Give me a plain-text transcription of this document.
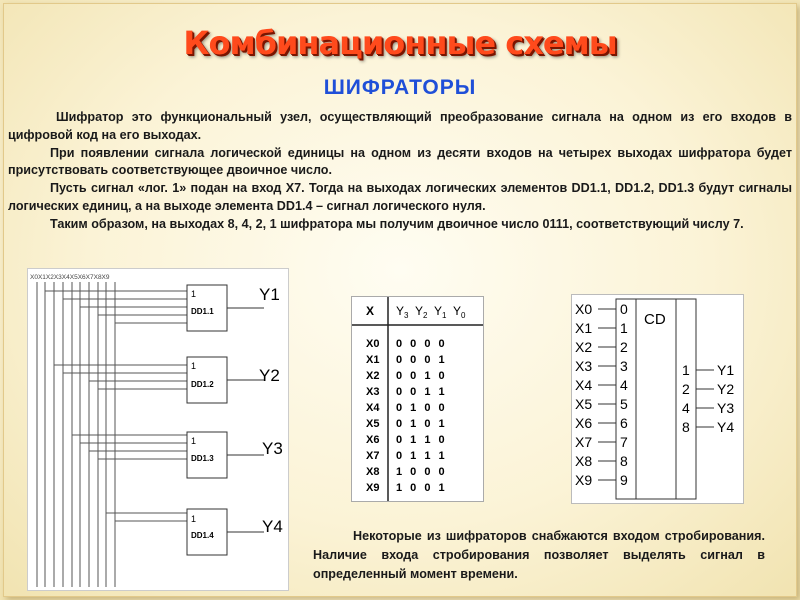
Комбинационные схемы
ШИФРАТОРЫ

Шифратор это функциональный узел, осуществляющий преобразование сигнала на одном из его входов в цифровой код на его выходах.

При появлении сигнала логической единицы на одном из десяти входов на четырех выходах шифратора будет присутствовать соответствующее двоичное число.

Пусть сигнал «лог. 1» подан на вход Х7. Тогда на выходах логических элементов DD1.1, DD1.2, DD1.3 будут сигналы логических единиц, а на выходе элемента DD1.4 – сигнал логического нуля.

Таким образом, на выходах 8, 4, 2, 1 шифратора мы получим двоичное число 0111, соответствующий числу 7.

X0X1X2X3X4X5X6X7X8X9
1
DD1.1
Y1
1
DD1.2	Y2
1
DD1.3
Y3
1
DD1.4	Y4
X Y 3 Y 2 Y 1 Y 0
X0 0 0 0 0
X1 0 0 0 1
X2 0 0 1 0
X3 0 0 1 1
X4 0 1 0 0
X5 0 1 0 1
X6 0 1 1 0
X7 0 1 1 1
X8 1 0 0 0
X9 1 0 0 1
CD
X0
X1
X2
X3
X4
X5
X6
X7
X8
X9
0
1
2
3
4
5
6
7
8
9
1
2
4
8
Y1
Y2
Y3
Y4
Некоторые из шифраторов снабжаются входом стробирования. Наличие входа стробирования позволяет выделять сигнал в определенный момент времени.
